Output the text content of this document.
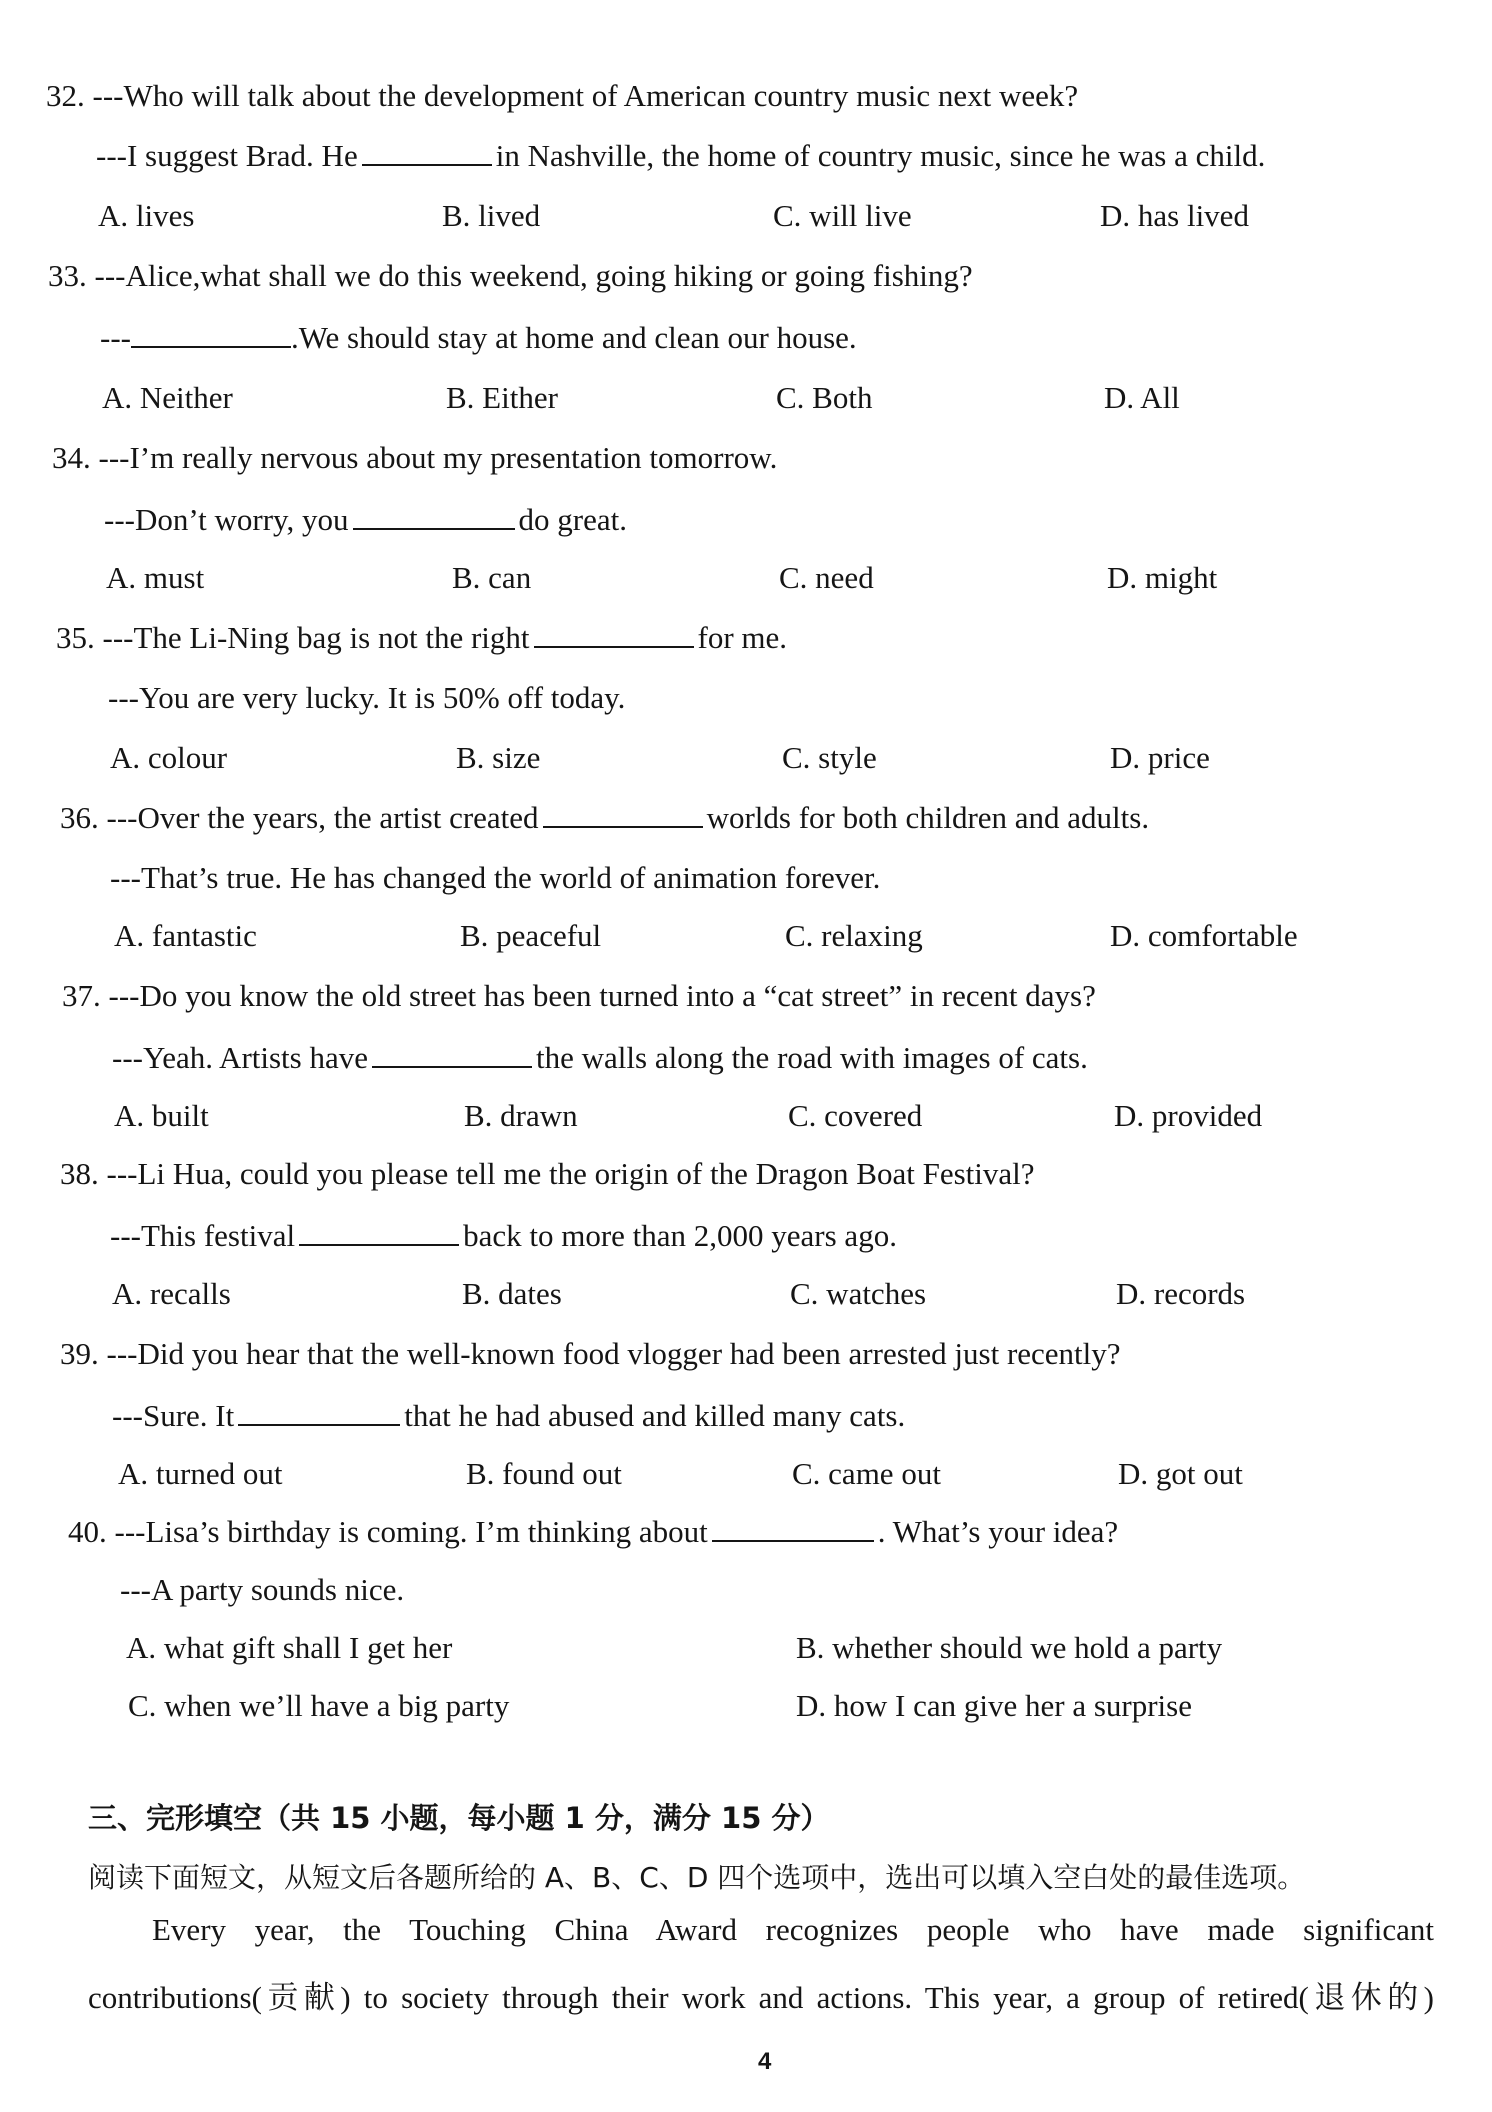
32. ---Who will talk about the development of American country music next week?
---I suggest Brad. He	in Nashville, the home of country music, since he was a child.
A. lives	B. lived	C. will live	D. has lived
33. ---Alice,what shall we do this weekend, going hiking or going fishing?
---	.We should stay at home and clean our house.
A. Neither	B. Either	C. Both	D. All
34. ---I’m really nervous about my presentation tomorrow.
---Don’t worry, you	do great.
A. must	B. can	C. need	D. might
35. ---The Li-Ning bag is not the right	for me.
---You are very lucky. It is 50% off today.
A. colour	B. size	C. style	D. price
36. ---Over the years, the artist created	worlds for both children and adults.
---That’s true. He has changed the world of animation forever.
A. fantastic	B. peaceful	C. relaxing	D. comfortable
37. ---Do you know the old street has been turned into a “cat street” in recent days?
---Yeah. Artists have	the walls along the road with images of cats.
A. built	B. drawn	C. covered	D. provided
38. ---Li Hua, could you please tell me the origin of the Dragon Boat Festival?
---This festival	back to more than 2,000 years ago.
A. recalls	B. dates	C. watches	D. records
39. ---Did you hear that the well-known food vlogger had been arrested just recently?
---Sure. It	that he had abused and killed many cats.
A. turned out	B. found out	C. came out	D. got out
40. ---Lisa’s birthday is coming. I’m thinking about	. What’s your idea?
---A party sounds nice.
A. what gift shall I get her	B. whether should we hold a party
C. when we’ll have a big party	D. how I can give her a surprise
三、完形填空（共 15 小题，每小题 1 分，满分 15 分）
阅读下面短文，从短文后各题所给的 A、B、C、D 四个选项中，选出可以填入空白处的最佳选项。
Every year, the Touching China Award recognizes people who have made significant
contributions(贡献) to society through their work and actions. This year, a group of retired(退休的)
4
